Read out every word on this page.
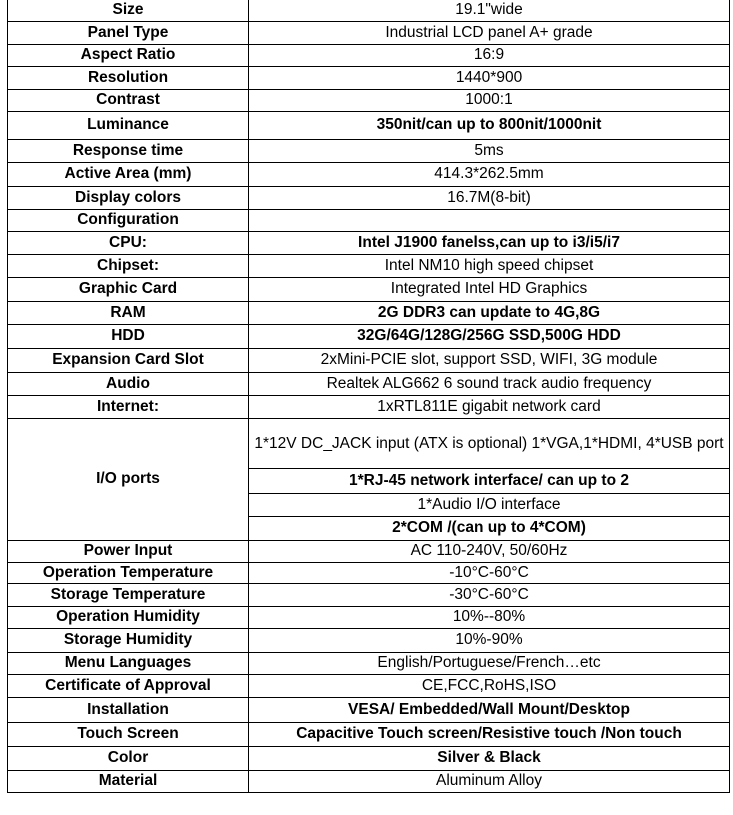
Size	19.1"wide
Panel Type	Industrial LCD panel A+ grade
Aspect Ratio	16:9
Resolution	1440*900
Contrast	1000:1
Luminance	350nit/can up to 800nit/1000nit
Response time	5ms
Active Area (mm)	414.3*262.5mm
Display colors	16.7M(8-bit)
Configuration	
CPU:	Intel J1900 fanelss,can up to i3/i5/i7
Chipset:	Intel NM10 high speed chipset
Graphic Card	Integrated Intel HD Graphics
RAM	2G DDR3 can update to 4G,8G
HDD	32G/64G/128G/256G SSD,500G HDD
Expansion Card Slot	2xMini-PCIE slot, support SSD, WIFI, 3G module
Audio	Realtek ALG662 6 sound track audio frequency
Internet:	1xRTL811E gigabit network card
I/O ports	1*12V DC_JACK input (ATX is optional) 1*VGA,1*HDMI, 4*USB port
	1*RJ-45 network interface/ can up to 2
	1*Audio I/O interface
	2*COM /(can up to 4*COM)
Power Input	AC 110-240V, 50/60Hz
Operation Temperature	-10°C-60°C
Storage Temperature	-30°C-60°C
Operation Humidity	10%--80%
Storage Humidity	10%-90%
Menu Languages	English/Portuguese/French…etc
Certificate of Approval	CE,FCC,RoHS,ISO
Installation	VESA/ Embedded/Wall Mount/Desktop
Touch Screen	Capacitive Touch screen/Resistive touch /Non touch
Color	Silver & Black
Material	Aluminum Alloy
